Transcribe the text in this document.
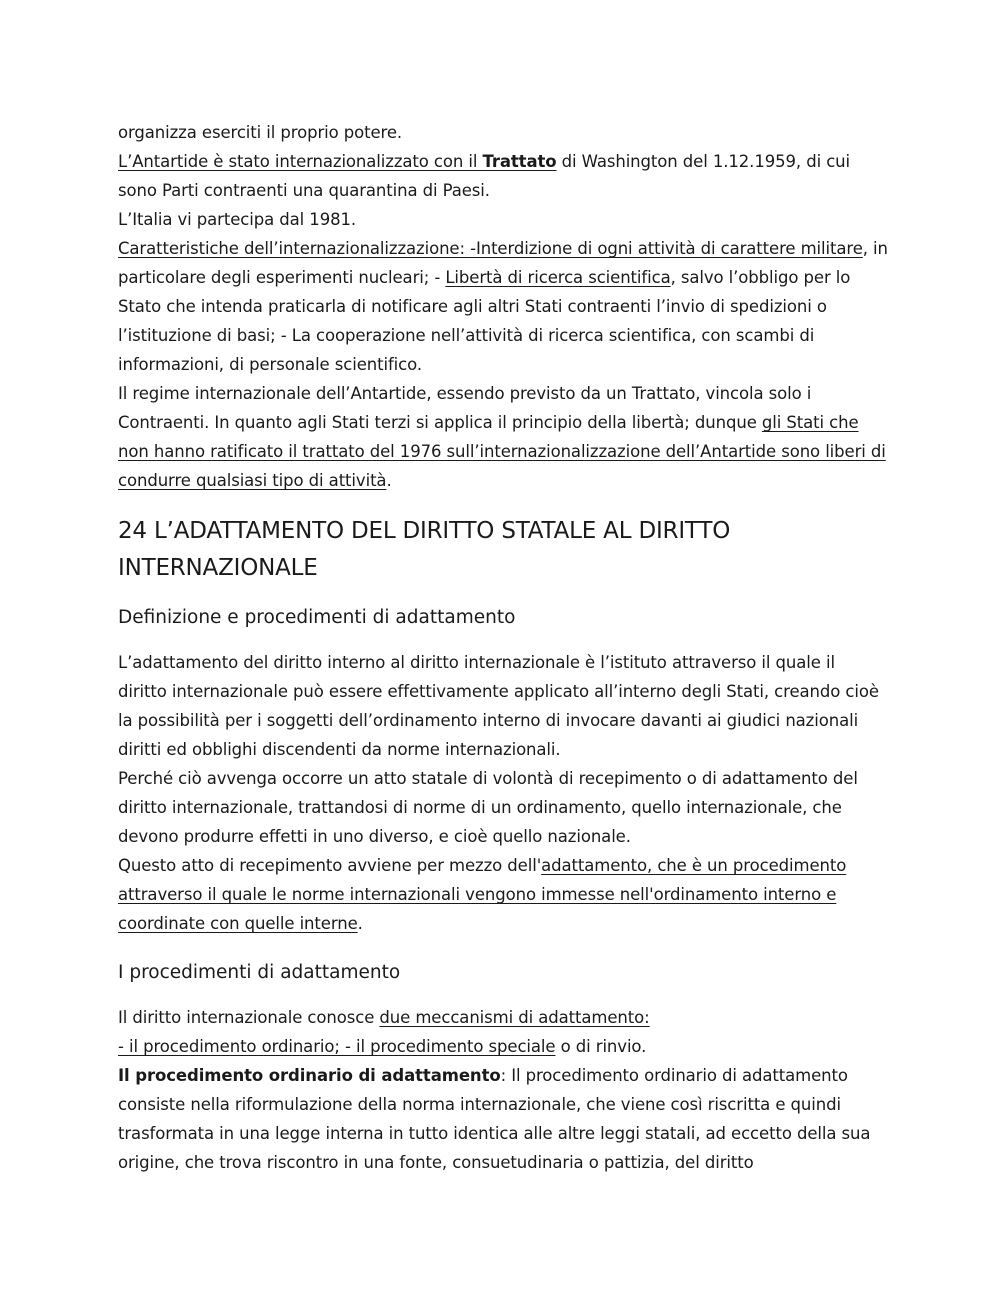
organizza eserciti il proprio potere.

L’Antartide è stato internazionalizzato con il Trattato di Washington del 1.12.1959, di cui sono Parti contraenti una quarantina di Paesi.

L’Italia vi partecipa dal 1981.

Caratteristiche dell’internazionalizzazione: -Interdizione di ogni attività di carattere militare, in particolare degli esperimenti nucleari; - Libertà di ricerca scientifica, salvo l’obbligo per lo Stato che intenda praticarla di notificare agli altri Stati contraenti l’invio di spedizioni o l’istituzione di basi; - La cooperazione nell’attività di ricerca scientifica, con scambi di informazioni, di personale scientifico.

Il regime internazionale dell’Antartide, essendo previsto da un Trattato, vincola solo i Contraenti. In quanto agli Stati terzi si applica il principio della libertà; dunque gli Stati che non hanno ratificato il trattato del 1976 sull’internazionalizzazione dell’Antartide sono liberi di condurre qualsiasi tipo di attività.

24 L’ADATTAMENTO DEL DIRITTO STATALE AL DIRITTO INTERNAZIONALE
Definizione e procedimenti di adattamento

L’adattamento del diritto interno al diritto internazionale è l’istituto attraverso il quale il diritto internazionale può essere effettivamente applicato all’interno degli Stati, creando cioè la possibilità per i soggetti dell’ordinamento interno di invocare davanti ai giudici nazionali diritti ed obblighi discendenti da norme internazionali.

Perché ciò avvenga occorre un atto statale di volontà di recepimento o di adattamento del diritto internazionale, trattandosi di norme di un ordinamento, quello internazionale, che devono produrre effetti in uno diverso, e cioè quello nazionale.

Questo atto di recepimento avviene per mezzo dell'adattamento, che è un procedimento attraverso il quale le norme internazionali vengono immesse nell'ordinamento interno e coordinate con quelle interne.

I procedimenti di adattamento

Il diritto internazionale conosce due meccanismi di adattamento:

- il procedimento ordinario; - il procedimento speciale o di rinvio.

Il procedimento ordinario di adattamento: Il procedimento ordinario di adattamento consiste nella riformulazione della norma internazionale, che viene così riscritta e quindi trasformata in una legge interna in tutto identica alle altre leggi statali, ad eccetto della sua origine, che trova riscontro in una fonte, consuetudinaria o pattizia, del diritto
